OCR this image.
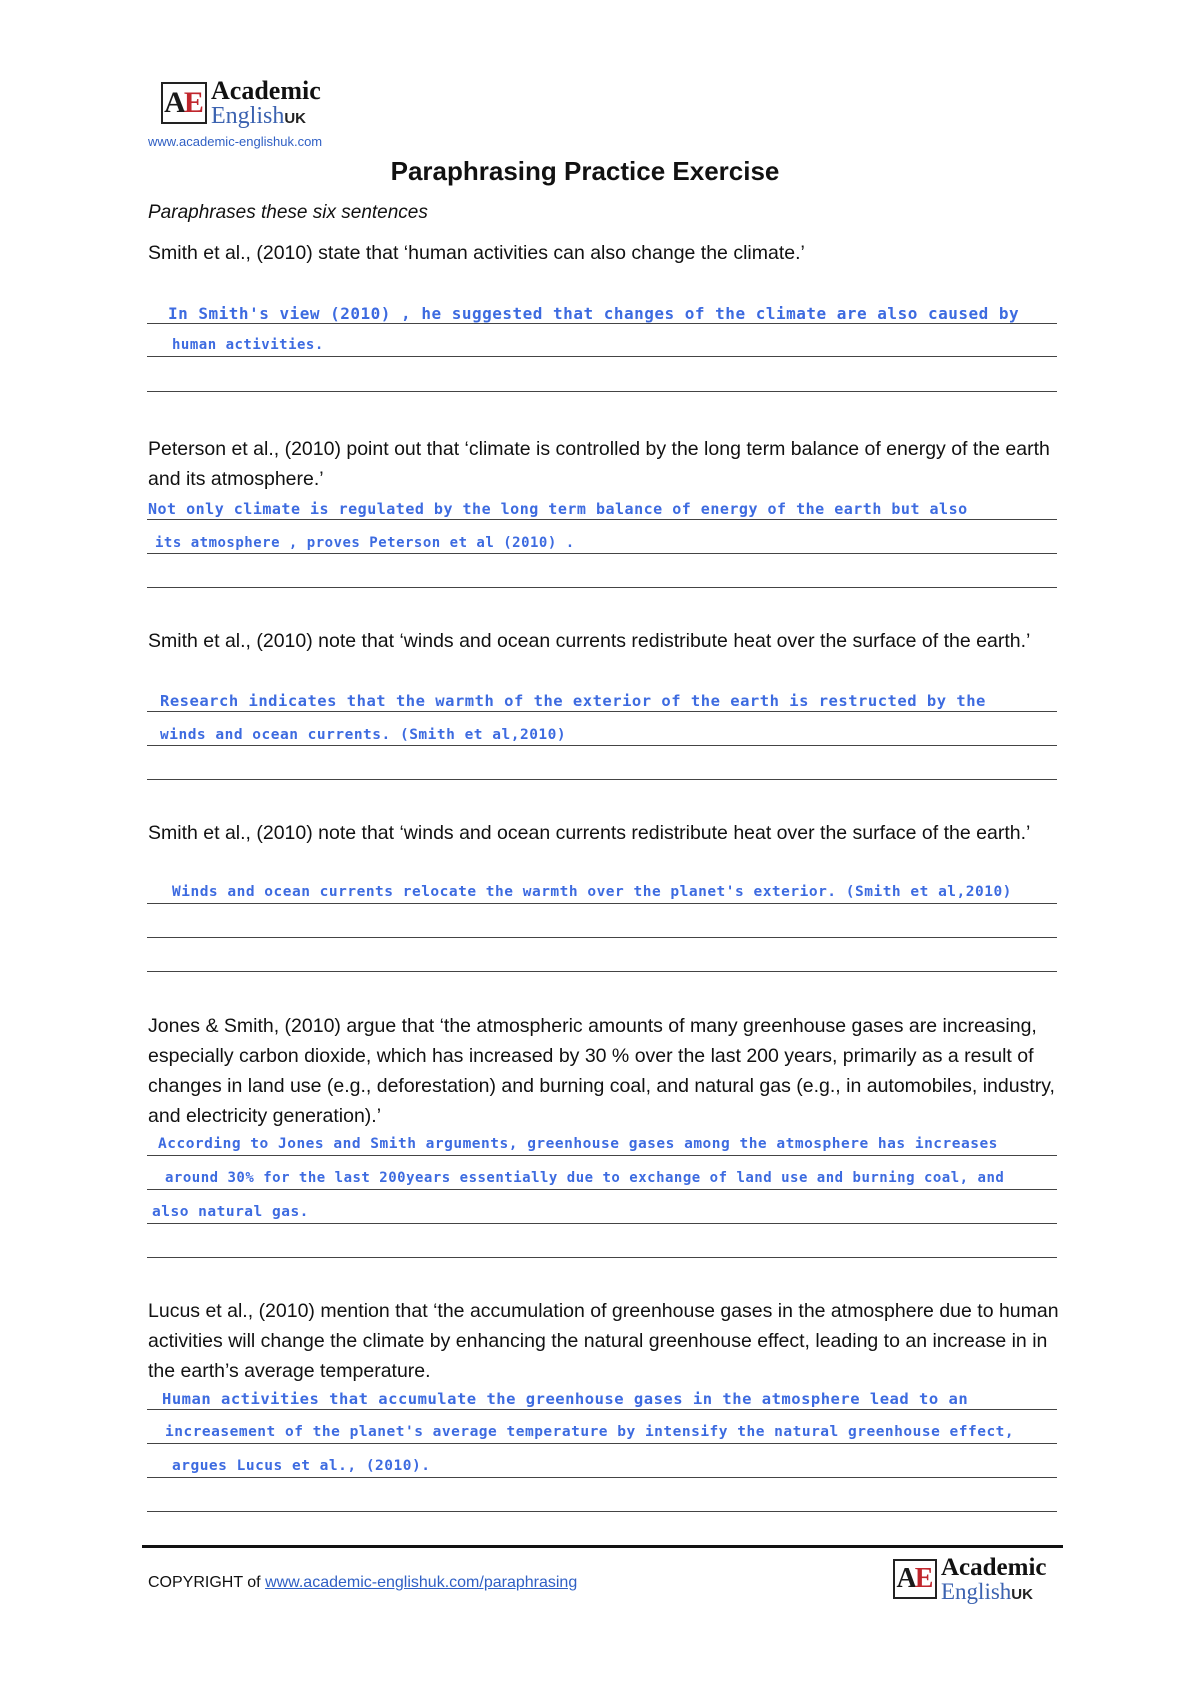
A
E Academic
EnglishUK
www.academic-englishuk.com
Paraphrasing Practice Exercise
Paraphrases these six sentences
Smith et al., (2010) state that ‘human activities can also change the climate.’
In Smith's view (2010) , he suggested that changes of the climate are also caused by
human activities.
Peterson et al., (2010) point out that ‘climate is controlled by the long term balance of energy of the earth and its atmosphere.’
Not only climate is regulated by the long term balance of energy of the earth but also
its atmosphere , proves Peterson et al (2010) .
Smith et al., (2010) note that ‘winds and ocean currents redistribute heat over the surface of the earth.’
Research indicates that the warmth of the exterior of the earth is restructed by the
winds and ocean currents. (Smith et al,2010)
Smith et al., (2010) note that ‘winds and ocean currents redistribute heat over the surface of the earth.’
Winds and ocean currents relocate the warmth over the planet's exterior. (Smith et al,2010)
Jones & Smith, (2010) argue that ‘the atmospheric amounts of many greenhouse gases are increasing, especially carbon dioxide, which has increased by 30 % over the last 200 years, primarily as a result of changes in land use (e.g., deforestation) and burning coal, and natural gas (e.g., in automobiles, industry, and electricity generation).’
According to Jones and Smith arguments, greenhouse gases among the atmosphere has increases
around 30% for the last 200years essentially due to exchange of land use and burning coal, and
also natural gas.
Lucus et al., (2010) mention that ‘the accumulation of greenhouse gases in the atmosphere due to human activities will change the climate by enhancing the natural greenhouse effect, leading to an increase in in the earth’s average temperature.
Human activities that accumulate the greenhouse gases in the atmosphere lead to an
increasement of the planet's average temperature by intensify the natural greenhouse effect,
argues Lucus et al., (2010).
COPYRIGHT of www.academic-englishuk.com/paraphrasing	A
E Academic
EnglishUK
